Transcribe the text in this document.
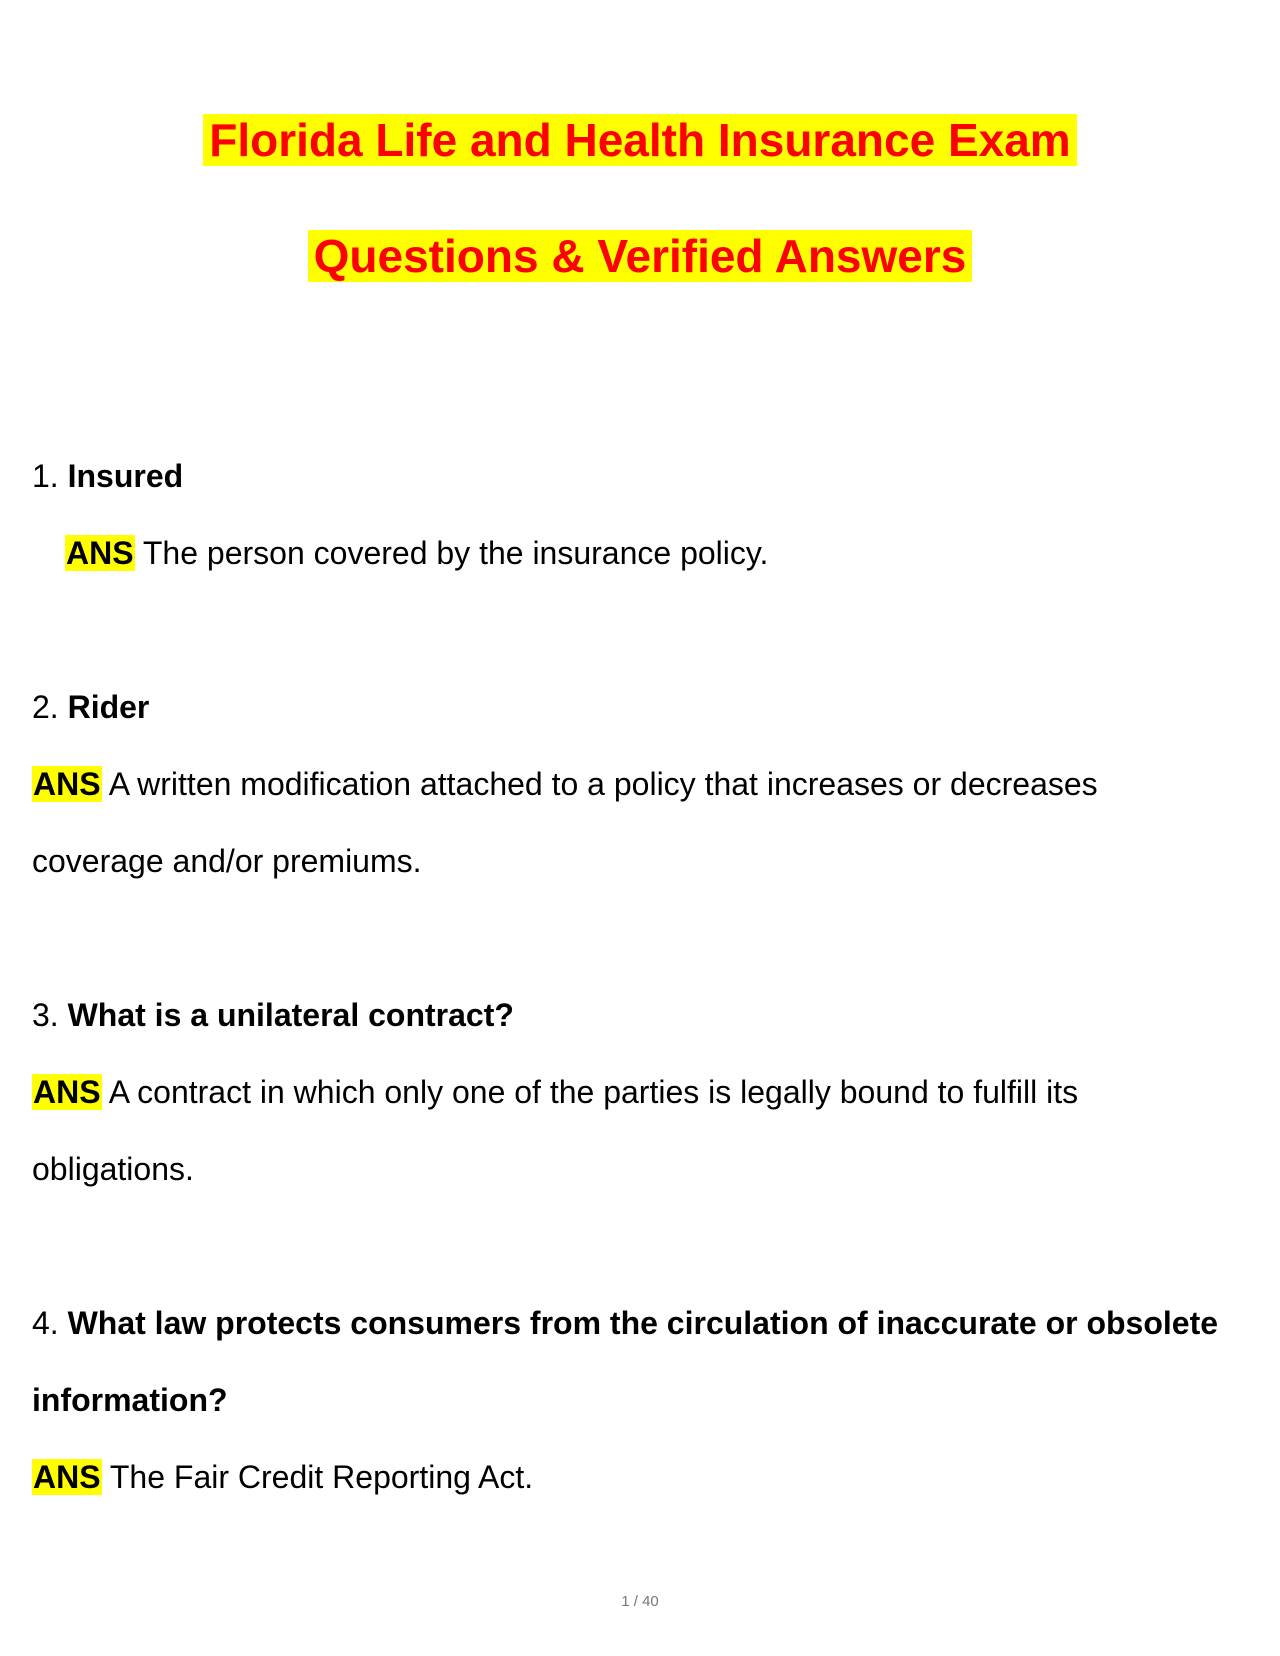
Florida Life and Health Insurance Exam
Questions & Verified Answers
1. Insured
ANS The person covered by the insurance policy.
2. Rider
ANS A written modification attached to a policy that increases or decreases
coverage and/or premiums.
3. What is a unilateral contract?
ANS A contract in which only one of the parties is legally bound to fulfill its
obligations.
4. What law protects consumers from the circulation of inaccurate or obsolete
information?
ANS The Fair Credit Reporting Act.
1 / 40
